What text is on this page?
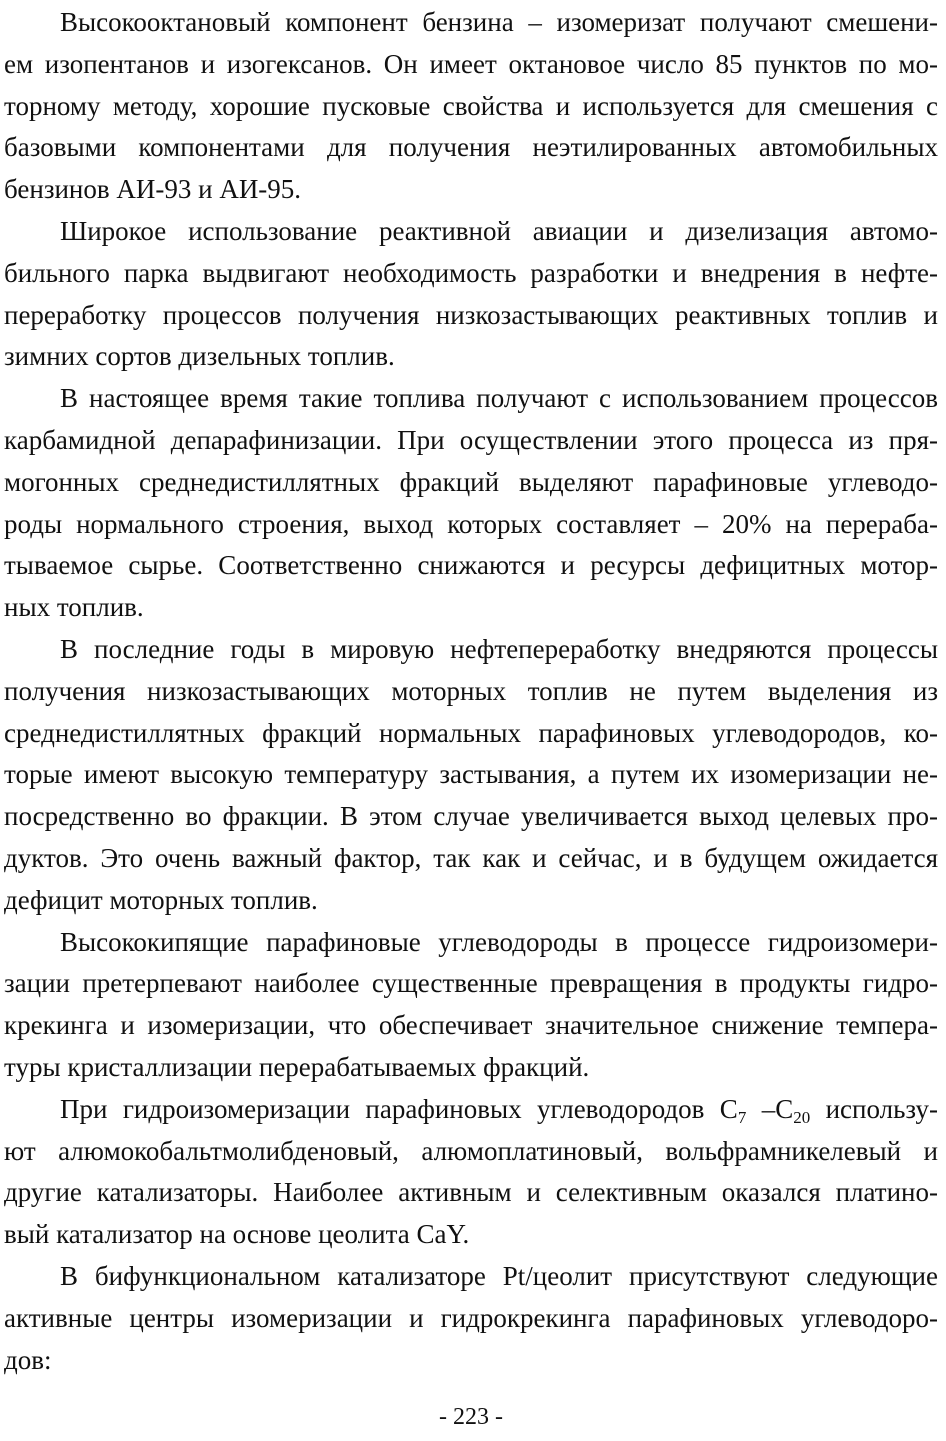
Высокооктановый компонент бензина – изомеризат получают смешени-
ем изопентанов и изогексанов. Он имеет октановое число 85 пунктов по мо-
торному методу, хорошие пусковые свойства и используется для смешения с
базовыми компонентами для получения неэтилированных автомобильных
бензинов АИ-93 и АИ-95.

Широкое использование реактивной авиации и дизелизация автомо-
бильного парка выдвигают необходимость разработки и внедрения в нефте-
переработку процессов получения низкозастывающих реактивных топлив и
зимних сортов дизельных топлив.

В настоящее время такие топлива получают с использованием процессов
карбамидной депарафинизации. При осуществлении этого процесса из пря-
могонных среднедистиллятных фракций выделяют парафиновые углеводо-
роды нормального строения, выход которых составляет – 20% на перераба-
тываемое сырье. Соответственно снижаются и ресурсы дефицитных мотор-
ных топлив.

В последние годы в мировую нефтепереработку внедряются процессы
получения низкозастывающих моторных топлив не путем выделения из
среднедистиллятных фракций нормальных парафиновых углеводородов, ко-
торые имеют высокую температуру застывания, а путем их изомеризации не-
посредственно во фракции. В этом случае увеличивается выход целевых про-
дуктов. Это очень важный фактор, так как и сейчас, и в будущем ожидается
дефицит моторных топлив.

Высококипящие парафиновые углеводороды в процессе гидроизомери-
зации претерпевают наиболее существенные превращения в продукты гидро-
крекинга и изомеризации, что обеспечивает значительное снижение темпера-
туры кристаллизации перерабатываемых фракций.

При гидроизомеризации парафиновых углеводородов $C_7$ $-C_{20}$ использу-
ют алюмокобальтмолибденовый, алюмоплатиновый, вольфрамникелевый и
другие катализаторы. Наиболее активным и селективным оказался платино-
вый катализатор на основе цеолита CaY.

В бифункциональном катализаторе Pt/цеолит присутствуют следующие
активные центры изомеризации и гидрокрекинга парафиновых углеводоро-
дов:

- 223 -
